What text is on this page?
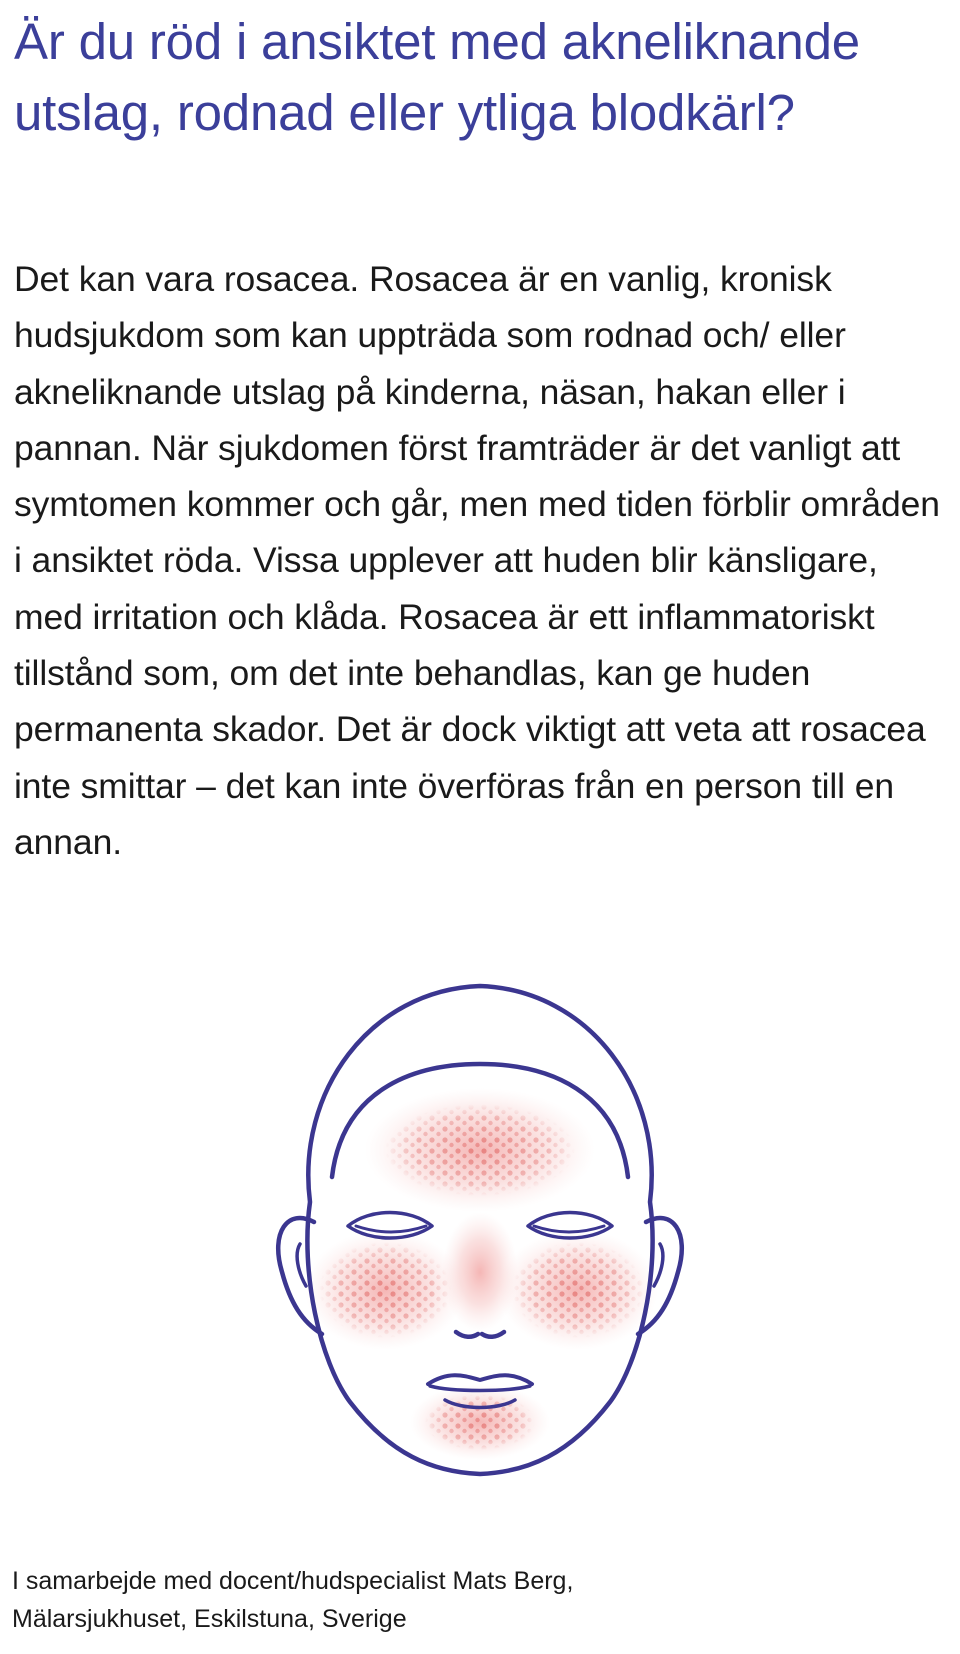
Är du röd i ansiktet med akneliknande utslag, rodnad eller ytliga blodkärl?

Det kan vara rosacea. Rosacea är en vanlig, kronisk hudsjukdom som kan uppträda som rodnad och/ eller akneliknande utslag på kinderna, näsan, hakan eller i pannan. När sjukdomen först framträder är det vanligt att symtomen kommer och går, men med tiden förblir områden i ansiktet röda. Vissa upplever att huden blir känsligare, med irritation och klåda. Rosacea är ett inflammatoriskt tillstånd som, om det inte behandlas, kan ge huden permanenta skador. Det är dock viktigt att veta att rosacea inte smittar – det kan inte överföras från en person till en annan.

I samarbejde med docent/hudspecialist Mats Berg,
Mälarsjukhuset, Eskilstuna, Sverige
